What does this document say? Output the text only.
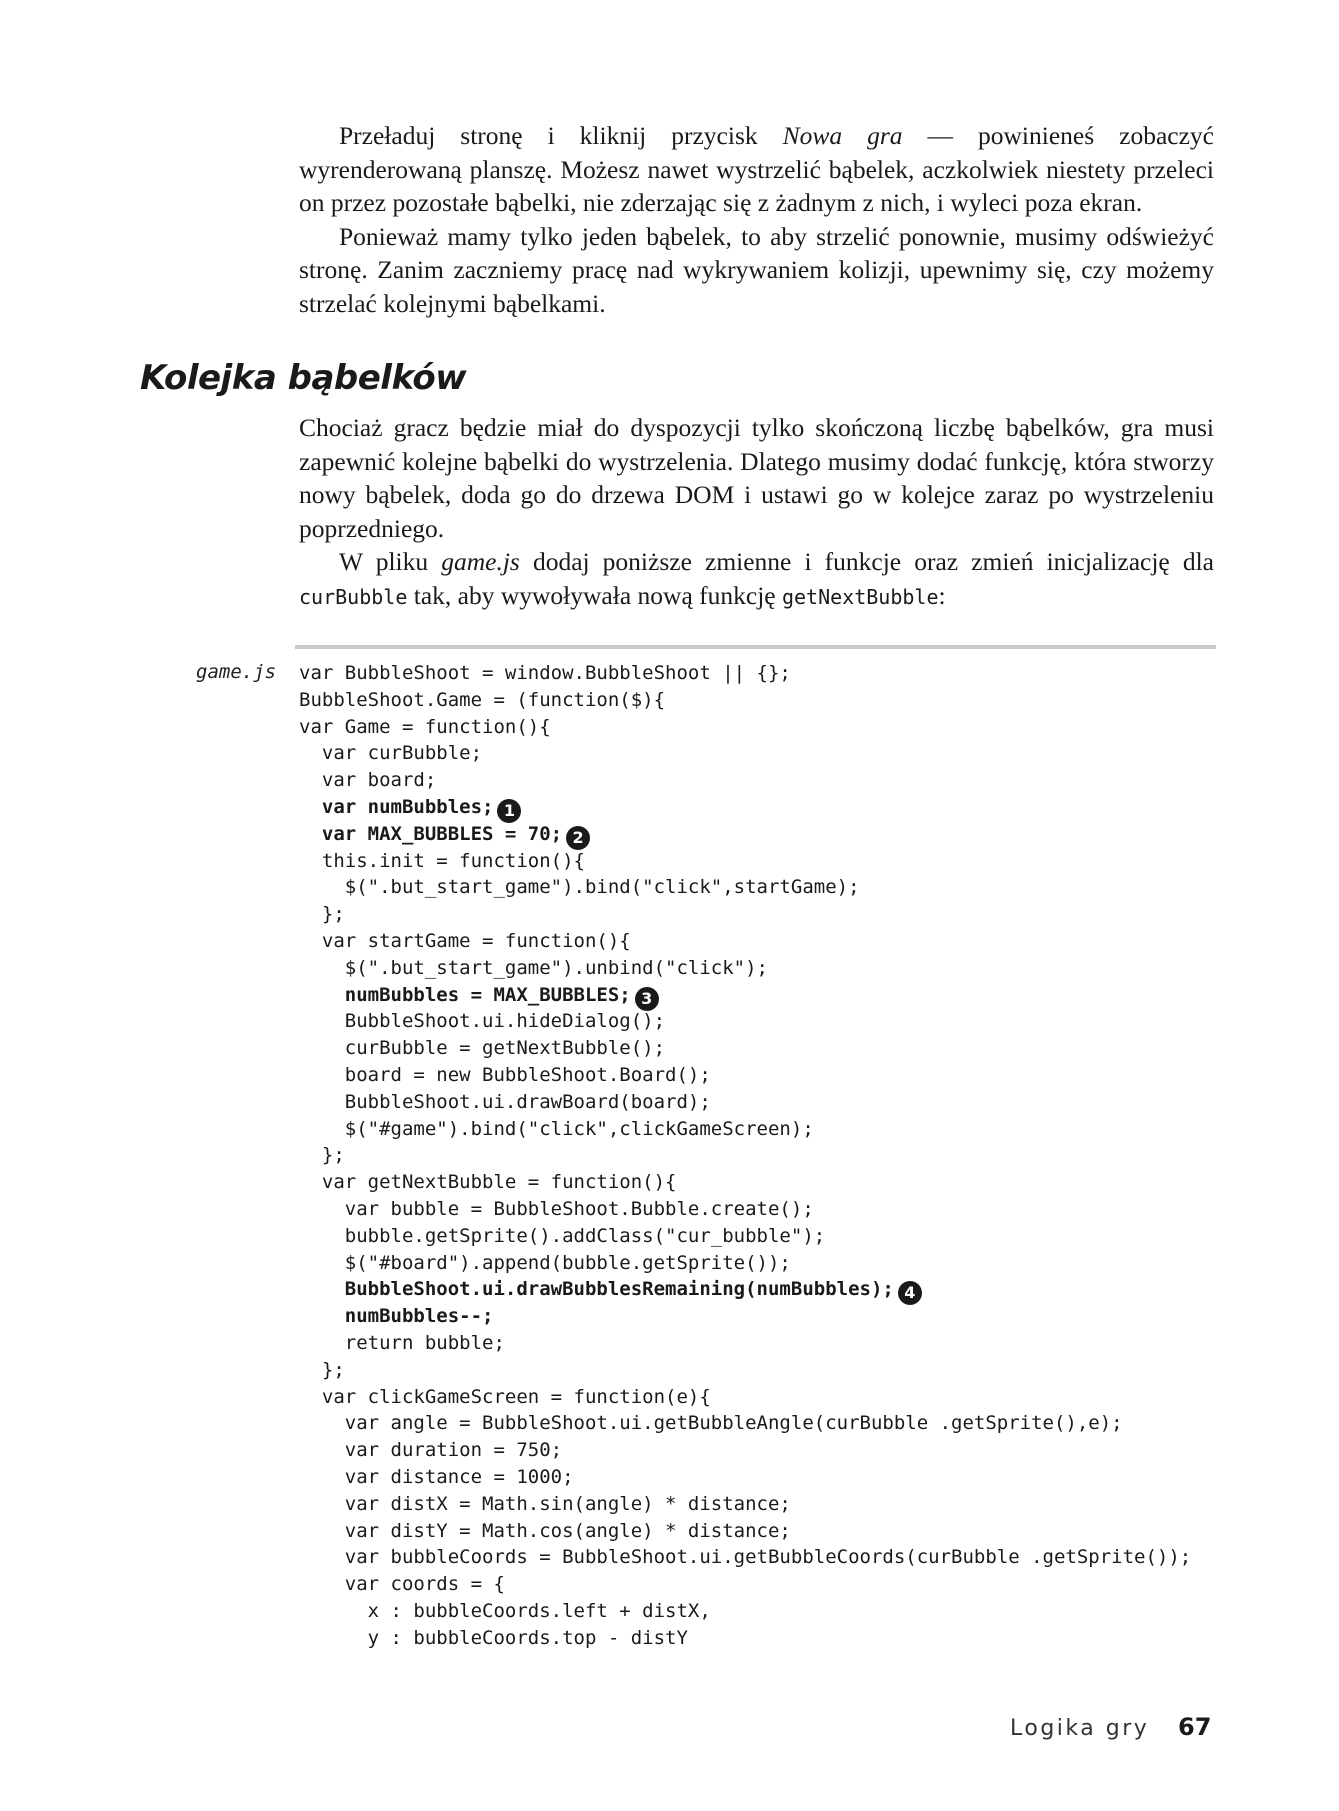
Przeładuj stronę i kliknij przycisk Nowa gra — powinieneś zobaczyć wyrenderowaną planszę. Możesz nawet wystrzelić bąbelek, aczkolwiek niestety przeleci on przez pozostałe bąbelki, nie zderzając się z żadnym z nich, i wyleci poza ekran.

Ponieważ mamy tylko jeden bąbelek, to aby strzelić ponownie, musimy odświeżyć stronę. Zanim zaczniemy pracę nad wykrywaniem kolizji, upewnimy się, czy możemy strzelać kolejnymi bąbelkami.

Kolejka bąbelków

Chociaż gracz będzie miał do dyspozycji tylko skończoną liczbę bąbelków, gra musi zapewnić kolejne bąbelki do wystrzelenia. Dlatego musimy dodać funkcję, która stworzy nowy bąbelek, doda go do drzewa DOM i ustawi go w kolejce zaraz po wystrzeleniu poprzedniego.

W pliku game.js dodaj poniższe zmienne i funkcje oraz zmień inicjalizację dla curBubble tak, aby wywoływała nową funkcję getNextBubble:

game.js var BubbleShoot = window.BubbleShoot || {};
BubbleShoot.Game = (function($){
var Game = function(){
var curBubble;
var board;
var numBubbles; 1
var MAX_BUBBLES = 70; 2
this.init = function(){
$(".but_start_game").bind("click",startGame);
};
var startGame = function(){
$(".but_start_game").unbind("click");
numBubbles = MAX_BUBBLES; 3
BubbleShoot.ui.hideDialog();
curBubble = getNextBubble();
board = new BubbleShoot.Board();
BubbleShoot.ui.drawBoard(board);
$("#game").bind("click",clickGameScreen);
};
var getNextBubble = function(){
var bubble = BubbleShoot.Bubble.create();
bubble.getSprite().addClass("cur_bubble");
$("#board").append(bubble.getSprite());
BubbleShoot.ui.drawBubblesRemaining(numBubbles); 4
numBubbles--;
return bubble;
};
var clickGameScreen = function(e){
var angle = BubbleShoot.ui.getBubbleAngle(curBubble .getSprite(),e);
var duration = 750;
var distance = 1000;
var distX = Math.sin(angle) * distance;
var distY = Math.cos(angle) * distance;
var bubbleCoords = BubbleShoot.ui.getBubbleCoords(curBubble .getSprite());
var coords = {
x : bubbleCoords.left + distX,
y : bubbleCoords.top - distY
Logika gry 67
